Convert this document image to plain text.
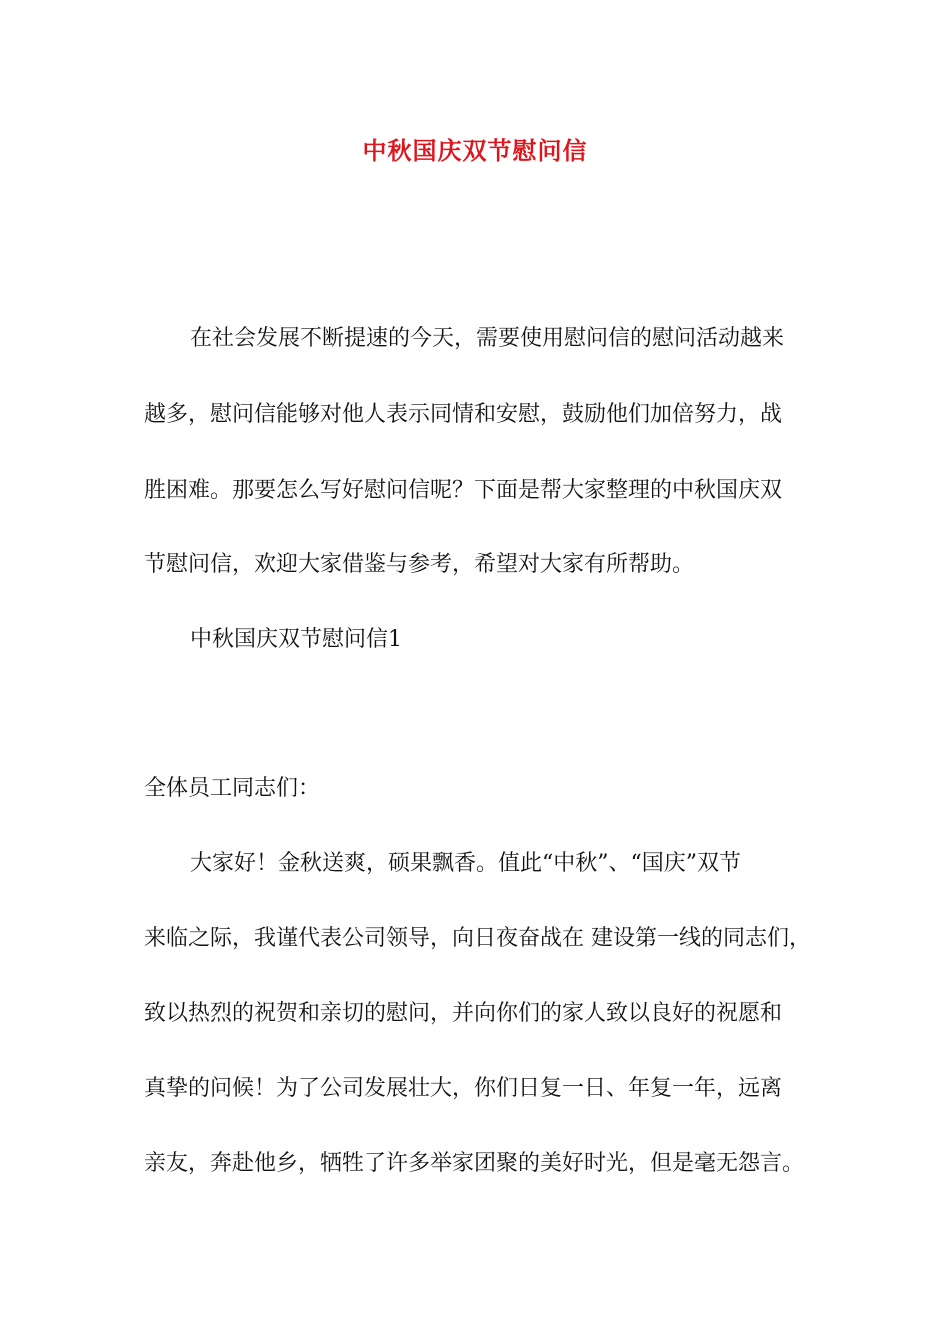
中秋国庆双节慰问信
在社会发展不断提速的今天，需要使用慰问信的慰问活动越来
越多，慰问信能够对他人表示同情和安慰，鼓励他们加倍努力，战
胜困难。那要怎么写好慰问信呢？下面是帮大家整理的中秋国庆双
节慰问信，欢迎大家借鉴与参考，希望对大家有所帮助。
中秋国庆双节慰问信1
全体员工同志们：
大家好！金秋送爽，硕果飘香。值此“中秋”、“国庆”双节
来临之际，我谨代表公司领导，向日夜奋战在 建设第一线的同志们，
致以热烈的祝贺和亲切的慰问，并向你们的家人致以良好的祝愿和
真挚的问候！为了公司发展壮大，你们日复一日、年复一年，远离
亲友，奔赴他乡，牺牲了许多举家团聚的美好时光，但是毫无怨言。
